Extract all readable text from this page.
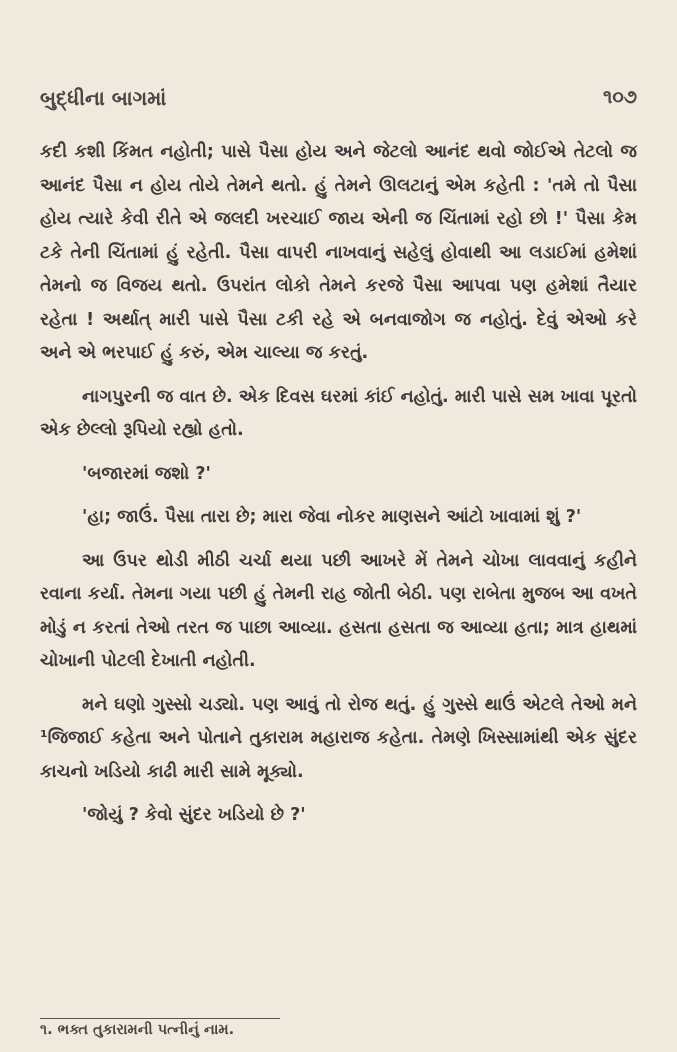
બુદ્ધીના બાગમાં	૧૦૭

કદી કશી કિંમત નહોતી; પાસે પૈસા હોય અને જેટલો આનંદ થવો જોઈએ તેટલો જ આનંદ પૈસા ન હોય તોયે તેમને થતો. હું તેમને ઊલટાનું એમ કહેતી : 'તમે તો પૈસા હોય ત્યારે કેવી રીતે એ જલદી ખરચાઈ જાય એની જ ચિંતામાં રહો છો !' પૈસા કેમ ટકે તેની ચિંતામાં હું રહેતી. પૈસા વાપરી નાખવાનું સહેલું હોવાથી આ લડાઈમાં હમેશાં તેમનો જ વિજય થતો. ઉપરાંત લોકો તેમને કરજે પૈસા આપવા પણ હમેશાં તૈયાર રહેતા ! અર્થાત્ મારી પાસે પૈસા ટકી રહે એ બનવાજોગ જ નહોતું. દેવું એઓ કરે અને એ ભરપાઈ હું કરું, એમ ચાલ્યા જ કરતું.

નાગપુરની જ વાત છે. એક દિવસ ઘરમાં કાંઈ નહોતું. મારી પાસે સમ ખાવા પૂરતો એક છેલ્લો રૂપિયો રહ્યો હતો.

'બજારમાં જશો ?'

'હા; જાઉં. પૈસા તારા છે; મારા જેવા નોકર માણસને આંટો ખાવામાં શું ?'

આ ઉપર થોડી મીઠી ચર્ચા થયા પછી આખરે મેં તેમને ચોખા લાવવાનું કહીને રવાના કર્યા. તેમના ગયા પછી હું તેમની રાહ જોતી બેઠી. પણ રાબેતા મુજબ આ વખતે મોડું ન કરતાં તેઓ તરત જ પાછા આવ્યા. હસતા હસતા જ આવ્યા હતા; માત્ર હાથમાં ચોખાની પોટલી દેખાતી નહોતી.

મને ઘણો ગુસ્સો ચડ્યો. પણ આવું તો રોજ થતું. હું ગુસ્સે થાઉં એટલે તેઓ મને ¹જિજાઈ કહેતા અને પોતાને તુકારામ મહારાજ કહેતા. તેમણે ખિસ્સામાંથી એક સુંદર કાચનો ખડિયો કાઢી મારી સામે મૂક્યો.

'જોયું ? કેવો સુંદર ખડિયો છે ?'

૧. ભક્ત તુકારામની પત્નીનું નામ.
